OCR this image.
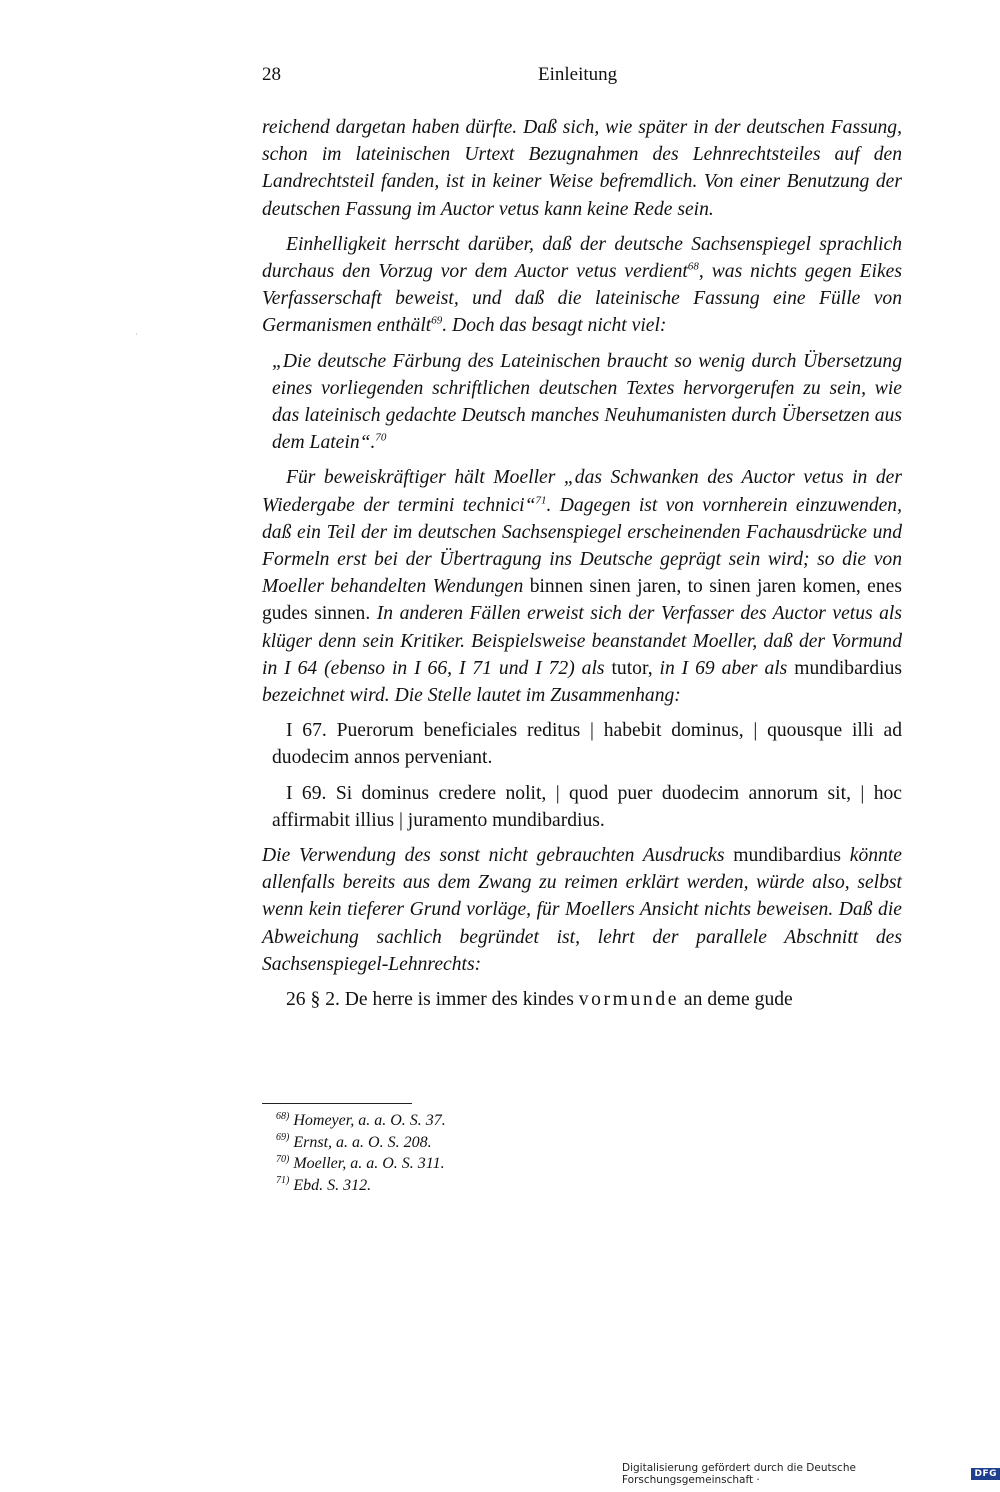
28	Einleitung
·

reichend dargetan haben dürfte. Daß sich, wie später in der deutschen Fassung, schon im lateinischen Urtext Bezugnahmen des Lehnrechtsteiles auf den Landrechtsteil fanden, ist in keiner Weise befremdlich. Von einer Benutzung der deutschen Fassung im Auctor vetus kann keine Rede sein.

Einhelligkeit herrscht darüber, daß der deutsche Sachsenspiegel sprachlich durchaus den Vorzug vor dem Auctor vetus verdient$^{68}$, was nichts gegen Eikes Verfasserschaft beweist, und daß die lateinische Fassung eine Fülle von Germanismen enthält$^{69}$. Doch das besagt nicht viel:

„Die deutsche Färbung des Lateinischen braucht so wenig durch Übersetzung eines vorliegenden schriftlichen deutschen Textes hervorgerufen zu sein, wie das lateinisch gedachte Deutsch manches Neuhumanisten durch Übersetzen aus dem Latein“.$^{70}$

Für beweiskräftiger hält Moeller „das Schwanken des Auctor vetus in der Wiedergabe der termini technici“$^{71}$. Dagegen ist von vornherein einzuwenden, daß ein Teil der im deutschen Sachsenspiegel erscheinenden Fachausdrücke und Formeln erst bei der Übertragung ins Deutsche geprägt sein wird; so die von Moeller behandelten Wendungen binnen sinen jaren, to sinen jaren komen, enes gudes sinnen. In anderen Fällen erweist sich der Verfasser des Auctor vetus als klüger denn sein Kritiker. Beispielsweise beanstandet Moeller, daß der Vormund in I 64 (ebenso in I 66, I 71 und I 72) als tutor, in I 69 aber als mundibardius bezeichnet wird. Die Stelle lautet im Zusammenhang:

I 67. Puerorum beneficiales reditus | habebit dominus, | quousque illi ad duodecim annos perveniant.

I 69. Si dominus credere nolit, | quod puer duodecim annorum sit, | hoc affirmabit illius | juramento mundibardius.

Die Verwendung des sonst nicht gebrauchten Ausdrucks mundibardius könnte allenfalls bereits aus dem Zwang zu reimen erklärt werden, würde also, selbst wenn kein tieferer Grund vorläge, für Moellers Ansicht nichts beweisen. Daß die Abweichung sachlich begründet ist, lehrt der parallele Abschnitt des Sachsenspiegel-Lehnrechts:

26 § 2. De herre is immer des kindes vormunde an deme gude

$^{68)}$ Homeyer, a. a. O. S. 37.
$^{69)}$ Ernst, a. a. O. S. 208.
$^{70)}$ Moeller, a. a. O. S. 311.
$^{71)}$ Ebd. S. 312.
Digitalisierung gefördert durch die Deutsche Forschungsgemeinschaft ·	DFG
